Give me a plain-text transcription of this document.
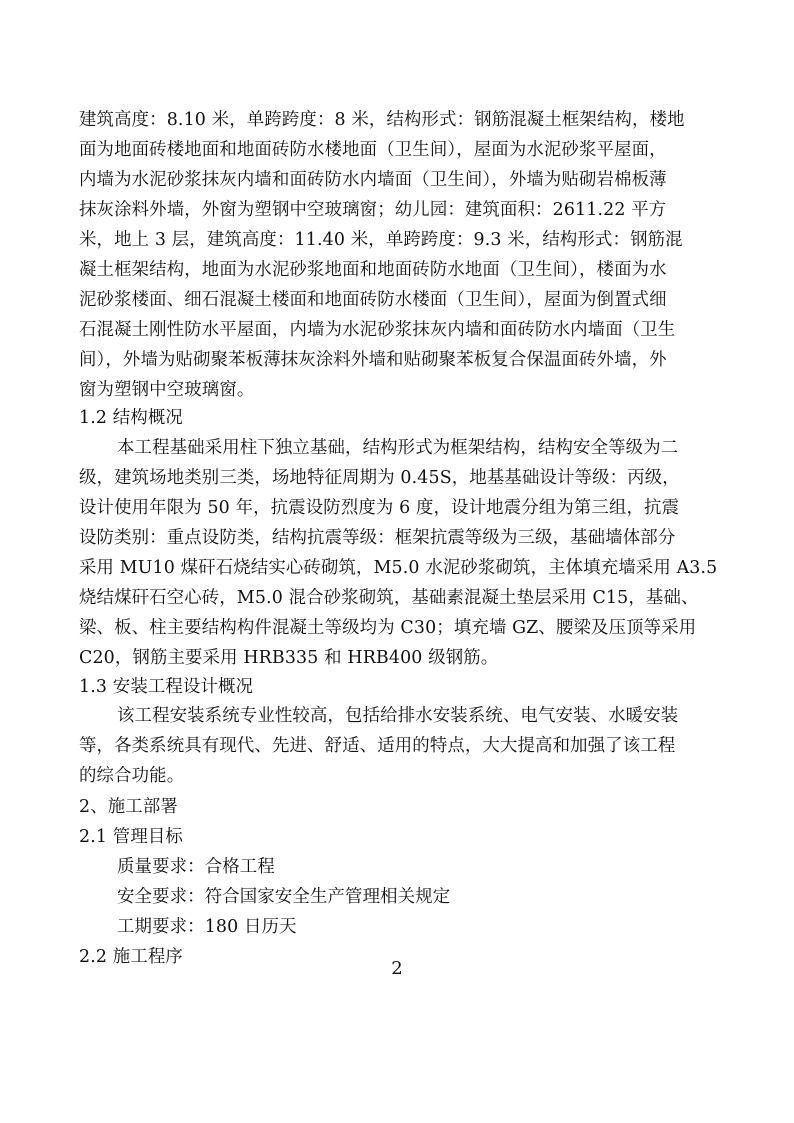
建筑高度：8.10 米，单跨跨度：8 米，结构形式：钢筋混凝土框架结构，楼地
面为地面砖楼地面和地面砖防水楼地面（卫生间），屋面为水泥砂浆平屋面，
内墙为水泥砂浆抹灰内墙和面砖防水内墙面（卫生间），外墙为贴砌岩棉板薄
抹灰涂料外墙，外窗为塑钢中空玻璃窗；幼儿园：建筑面积：2611.22 平方
米，地上 3 层，建筑高度：11.40 米，单跨跨度：9.3 米，结构形式：钢筋混
凝土框架结构，地面为水泥砂浆地面和地面砖防水地面（卫生间），楼面为水
泥砂浆楼面、细石混凝土楼面和地面砖防水楼面（卫生间），屋面为倒置式细
石混凝土刚性防水平屋面，内墙为水泥砂浆抹灰内墙和面砖防水内墙面（卫生
间），外墙为贴砌聚苯板薄抹灰涂料外墙和贴砌聚苯板复合保温面砖外墙，外
窗为塑钢中空玻璃窗。
1.2 结构概况
本工程基础采用柱下独立基础，结构形式为框架结构，结构安全等级为二
级，建筑场地类别三类，场地特征周期为 0.45S，地基基础设计等级：丙级，
设计使用年限为 50 年，抗震设防烈度为 6 度，设计地震分组为第三组，抗震
设防类别：重点设防类，结构抗震等级：框架抗震等级为三级，基础墙体部分
采用 MU10 煤矸石烧结实心砖砌筑，M5.0 水泥砂浆砌筑，主体填充墙采用 A3.5
烧结煤矸石空心砖，M5.0 混合砂浆砌筑，基础素混凝土垫层采用 C15，基础、
梁、板、柱主要结构构件混凝土等级均为 C30；填充墙 GZ、腰梁及压顶等采用
C20，钢筋主要采用 HRB335 和 HRB400 级钢筋。
1.3 安装工程设计概况
该工程安装系统专业性较高，包括给排水安装系统、电气安装、水暖安装
等，各类系统具有现代、先进、舒适、适用的特点，大大提高和加强了该工程
的综合功能。
2、施工部署
2.1 管理目标
质量要求：合格工程
安全要求：符合国家安全生产管理相关规定
工期要求：180 日历天
2.2 施工程序
2
